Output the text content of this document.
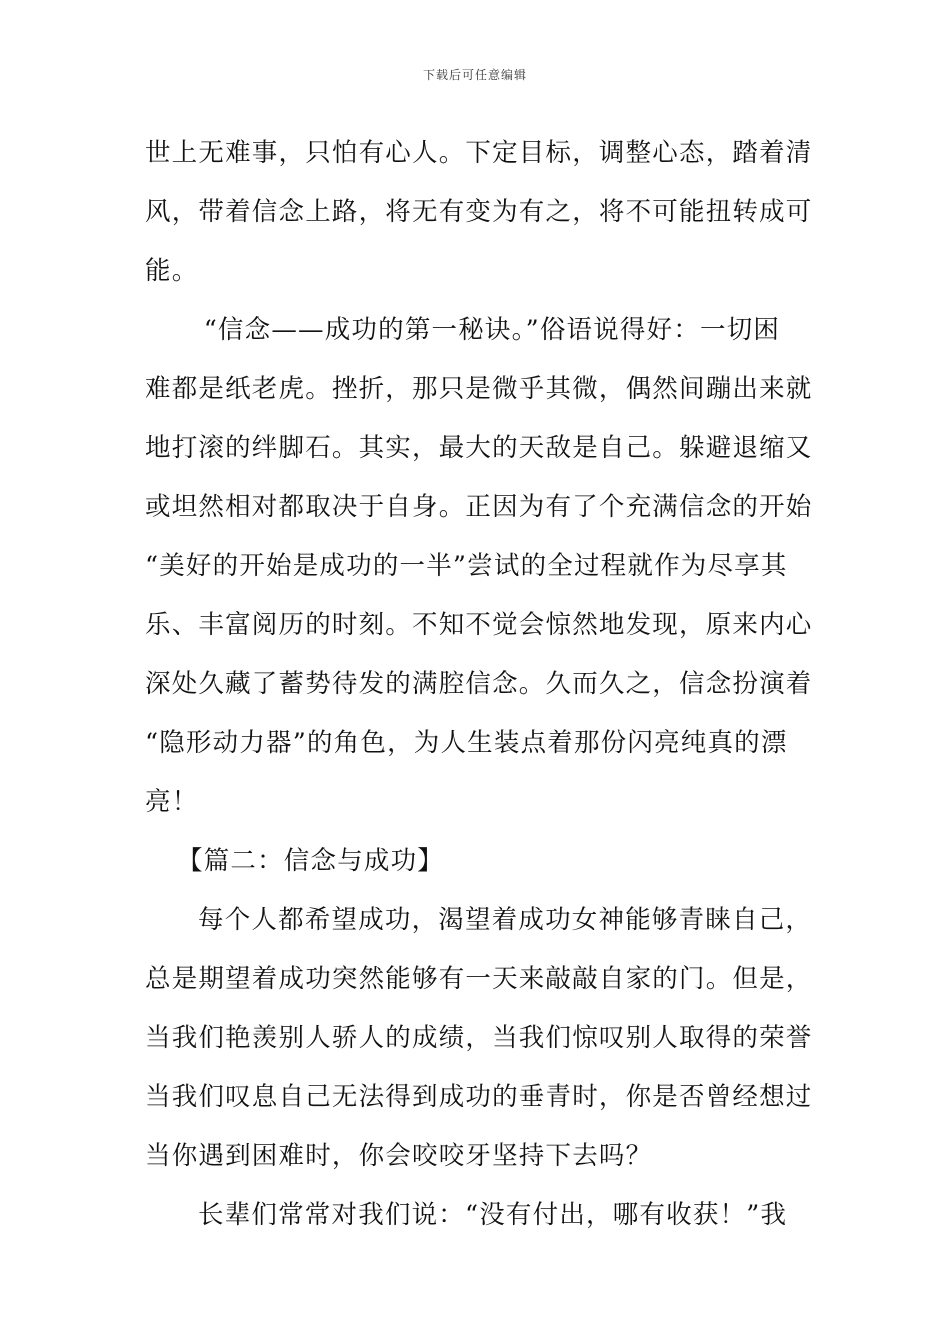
下载后可任意编辑
世上无难事，只怕有心人。下定目标，调整心态，踏着清
风，带着信念上路，将无有变为有之，将不可能扭转成可
能。
　“信念——成功的第一秘诀。”俗语说得好：一切困
难都是纸老虎。挫折，那只是微乎其微，偶然间蹦出来就
地打滚的绊脚石。其实，最大的天敌是自己。躲避退缩又
或坦然相对都取决于自身。正因为有了个充满信念的开始
“美好的开始是成功的一半”尝试的全过程就作为尽享其
乐、丰富阅历的时刻。不知不觉会惊然地发现，原来内心
深处久藏了蓄势待发的满腔信念。久而久之，信念扮演着
“隐形动力器”的角色，为人生装点着那份闪亮纯真的漂
亮！
【篇二：信念与成功】
每个人都希望成功，渴望着成功女神能够青睐自己，
总是期望着成功突然能够有一天来敲敲自家的门。但是，
当我们艳羡别人骄人的成绩，当我们惊叹别人取得的荣誉
当我们叹息自己无法得到成功的垂青时，你是否曾经想过
当你遇到困难时，你会咬咬牙坚持下去吗？
长辈们常常对我们说：“没有付出，哪有收获！”我
